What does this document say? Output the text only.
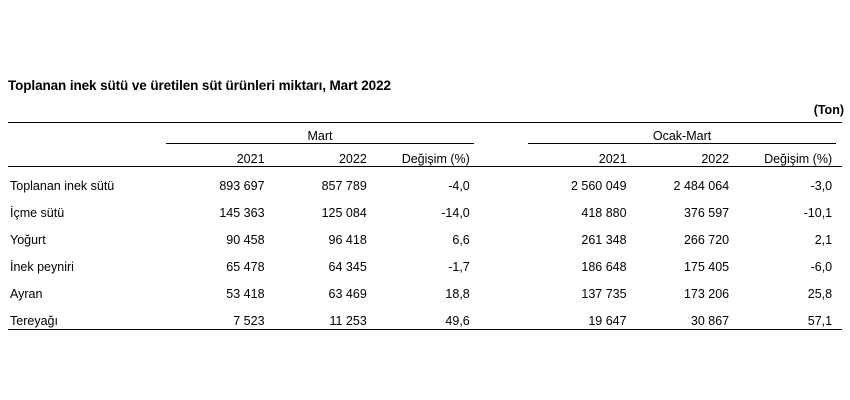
Toplanan inek sütü ve üretilen süt ürünleri miktarı, Mart 2022
(Ton)

	Mart				Ocak-Mart			
	2021	2022	Değişim (%)		2021	2022	Değişim (%)	

Toplanan inek sütü	893 697	857 789	-4,0		2 560 049	2 484 064	-3,0	
İçme sütü	145 363	125 084	-14,0		418 880	376 597	-10,1	
Yoğurt	90 458	96 418	6,6		261 348	266 720	2,1	
İnek peyniri	65 478	64 345	-1,7		186 648	175 405	-6,0	
Ayran	53 418	63 469	18,8		137 735	173 206	25,8	
Tereyağı	7 523	11 253	49,6		19 647	30 867	57,1	
